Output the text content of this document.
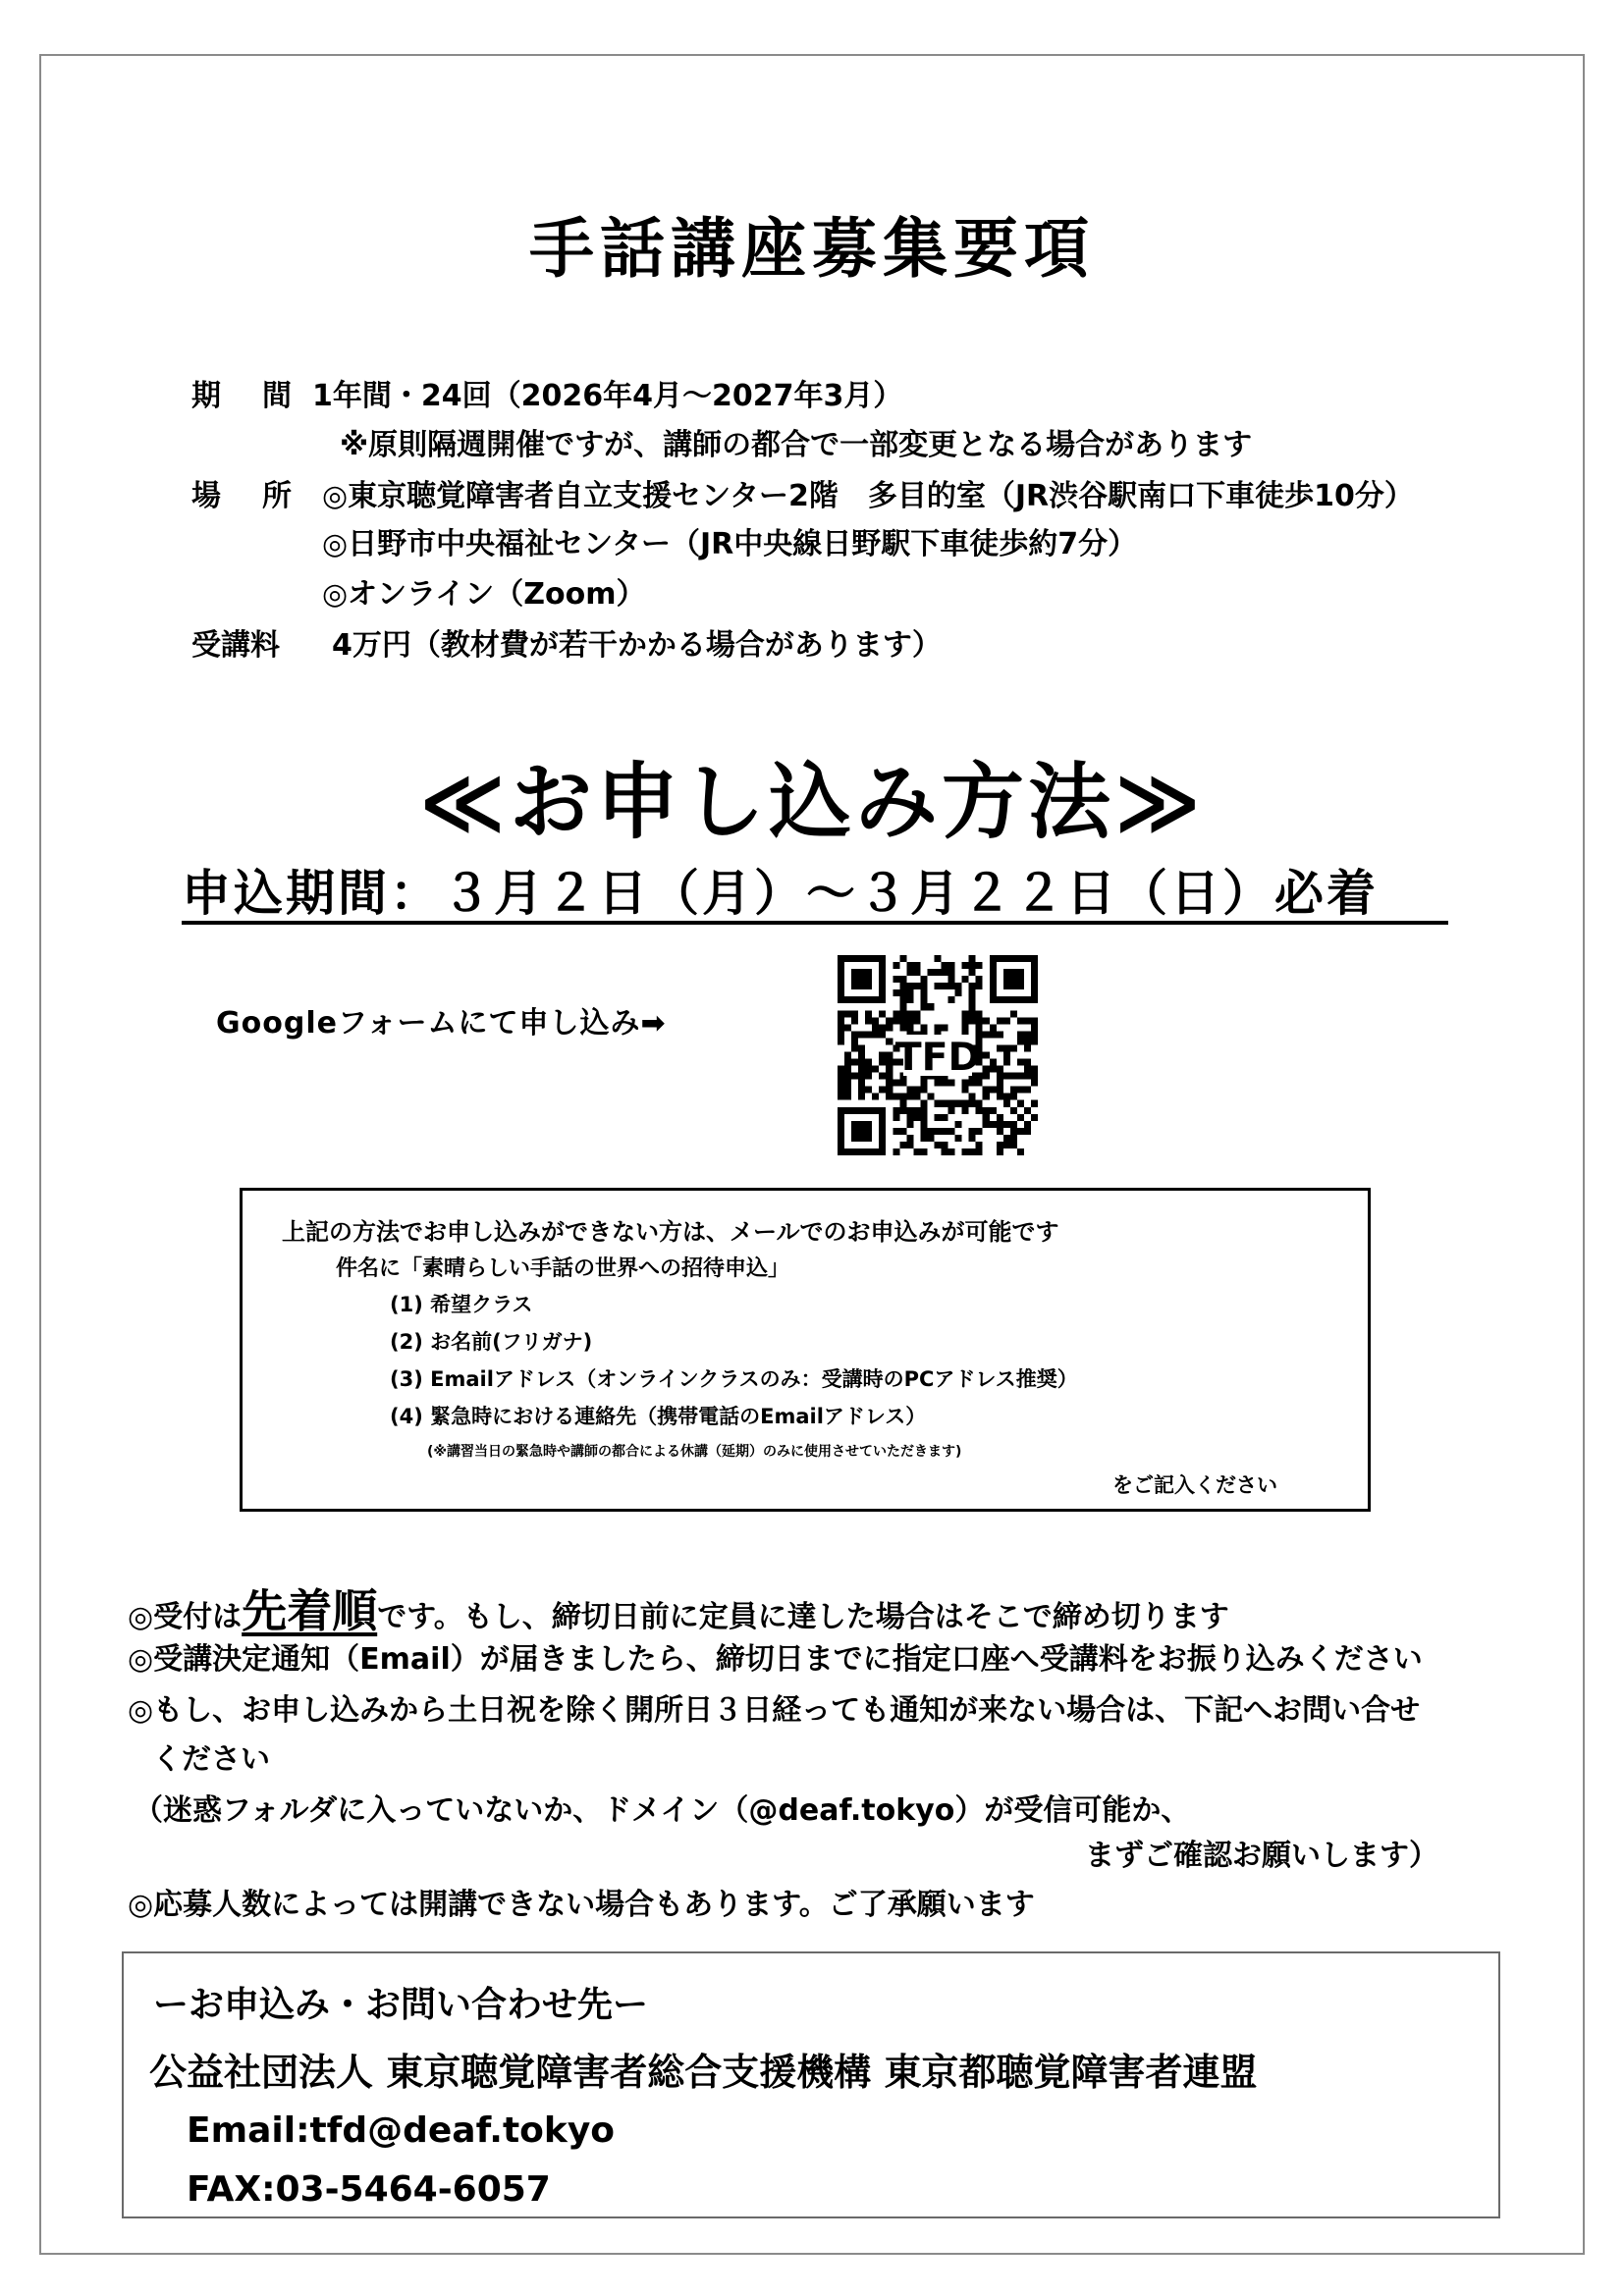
手話講座募集要項
期　間 1年間・24回（2026年4月～2027年3月）
※原則隔週開催ですが、講師の都合で一部変更となる場合があります
場　所 ◎東京聴覚障害者自立支援センター2階　多目的室（JR渋谷駅南口下車徒歩10分）
◎日野市中央福祉センター（JR中央線日野駅下車徒歩約7分）
◎オンライン（Zoom）
受講料 4万円（教材費が若干かかる場合があります）
≪お申し込み方法≫
申込期間：３月２日（月）～３月２２日（日）必着
Googleフォームにて申し込み➡
TFD
上記の方法でお申し込みができない方は、メールでのお申込みが可能です
件名に「素晴らしい手話の世界への招待申込」
(1) 希望クラス
(2) お名前(フリガナ)
(3) Emailアドレス（オンラインクラスのみ：受講時のPCアドレス推奨）
(4) 緊急時における連絡先（携帯電話のEmailアドレス）
(※講習当日の緊急時や講師の都合による休講（延期）のみに使用させていただきます)
をご記入ください
◎受付は先着順です。もし、締切日前に定員に達した場合はそこで締め切ります
◎受講決定通知（Email）が届きましたら、締切日までに指定口座へ受講料をお振り込みください
◎もし、お申し込みから土日祝を除く開所日３日経っても通知が来ない場合は、下記へお問い合せ
ください
（迷惑フォルダに入っていないか、ドメイン（@deaf.tokyo）が受信可能か、
まずご確認お願いします）
◎応募人数によっては開講できない場合もあります。ご了承願います
ーお申込み・お問い合わせ先ー
公益社団法人 東京聴覚障害者総合支援機構 東京都聴覚障害者連盟
Email:tfd@deaf.tokyo
FAX:03-5464-6057
